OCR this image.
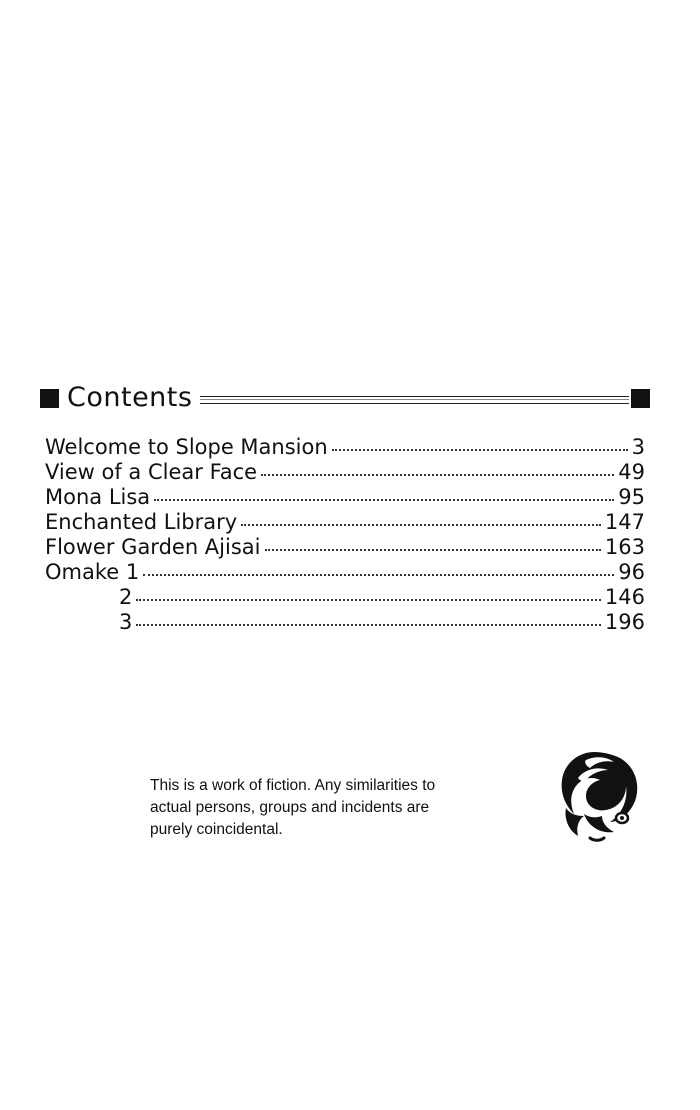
Contents
Welcome to Slope Mansion	3
View of a Clear Face	49
Mona Lisa	95
Enchanted Library	147
Flower Garden Ajisai	163
Omake 1	96
2	146
3	196
This is a work of fiction. Any similarities to
actual persons, groups and incidents are
purely coincidental.
